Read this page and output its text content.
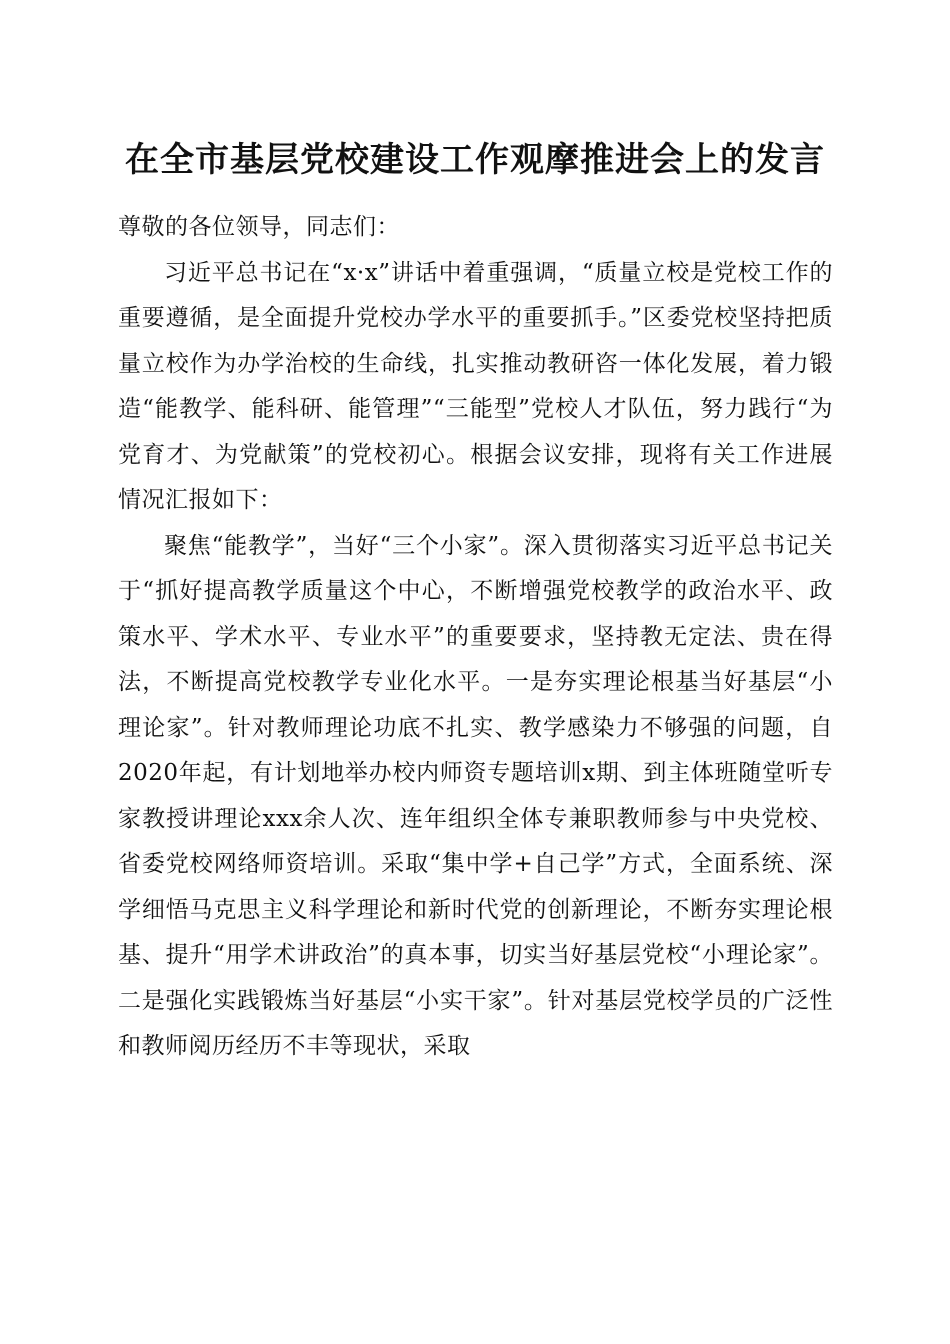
在全市基层党校建设工作观摩推进会上的发言

尊敬的各位领导，同志们：

习近平总书记在“x·x”讲话中着重强调，“质量立校是党校工作的重要遵循，是全面提升党校办学水平的重要抓手。”区委党校坚持把质量立校作为办学治校的生命线，扎实推动教研咨一体化发展，着力锻造“能教学、能科研、能管理”“三能型”党校人才队伍，努力践行“为党育才、为党献策”的党校初心。根据会议安排，现将有关工作进展情况汇报如下：

聚焦“能教学”，当好“三个小家”。深入贯彻落实习近平总书记关于“抓好提高教学质量这个中心，不断增强党校教学的政治水平、政策水平、学术水平、专业水平”的重要要求，坚持教无定法、贵在得法，不断提高党校教学专业化水平。一是夯实理论根基当好基层“小理论家”。针对教师理论功底不扎实、教学感染力不够强的问题，自2020年起，有计划地举办校内师资专题培训x期、到主体班随堂听专家教授讲理论xxx余人次、连年组织全体专兼职教师参与中央党校、省委党校网络师资培训。采取“集中学+自己学”方式，全面系统、深学细悟马克思主义科学理论和新时代党的创新理论，不断夯实理论根基、提升“用学术讲政治”的真本事，切实当好基层党校“小理论家”。二是强化实践锻炼当好基层“小实干家”。针对基层党校学员的广泛性和教师阅历经历不丰等现状，采取
